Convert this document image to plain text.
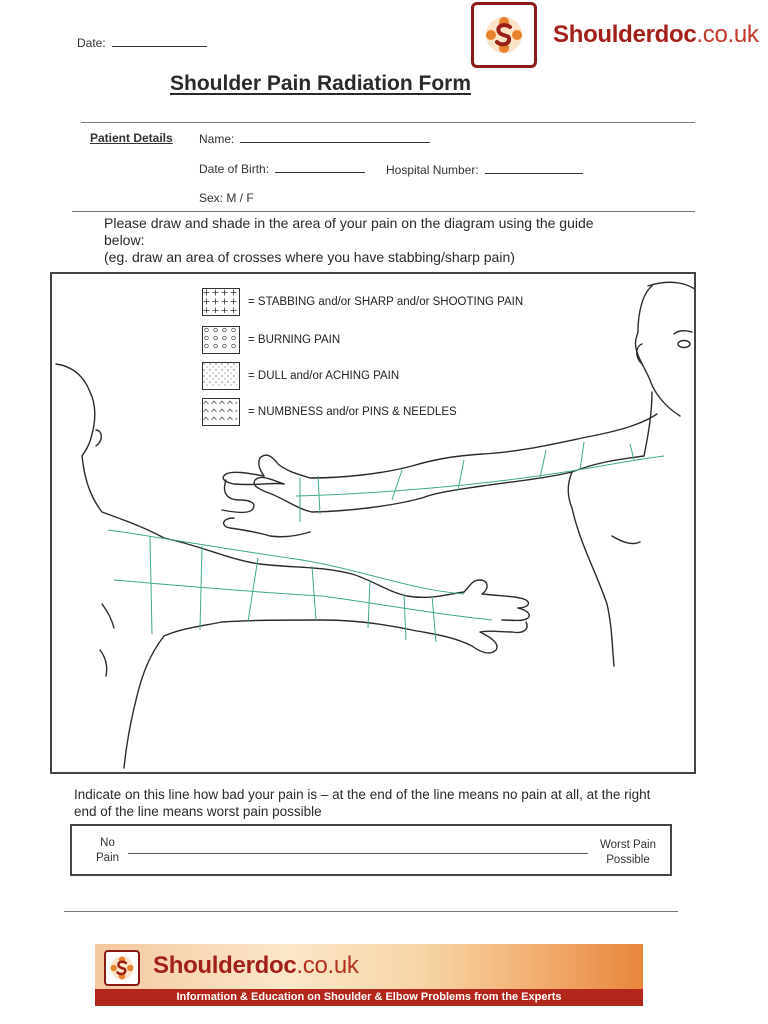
Date:	Shoulderdoc.co.uk
Shoulder Pain Radiation Form
Patient Details Name:
Date of Birth:	Hospital Number:
Sex: M / F

Please draw and shade in the area of your pain on the diagram using the guide below:

(eg. draw an area of crosses where you have stabbing/sharp pain)

= STABBING and/or SHARP and/or SHOOTING PAIN
= BURNING PAIN
= DULL and/or ACHING PAIN
= NUMBNESS and/or PINS & NEEDLES
Indicate on this line how bad your pain is – at the end of the line means no pain at all, at the right end of the line means worst pain possible
No
Pain
Worst Pain
Possible
Shoulderdoc.co.uk
Information & Education on Shoulder & Elbow Problems from the Experts
